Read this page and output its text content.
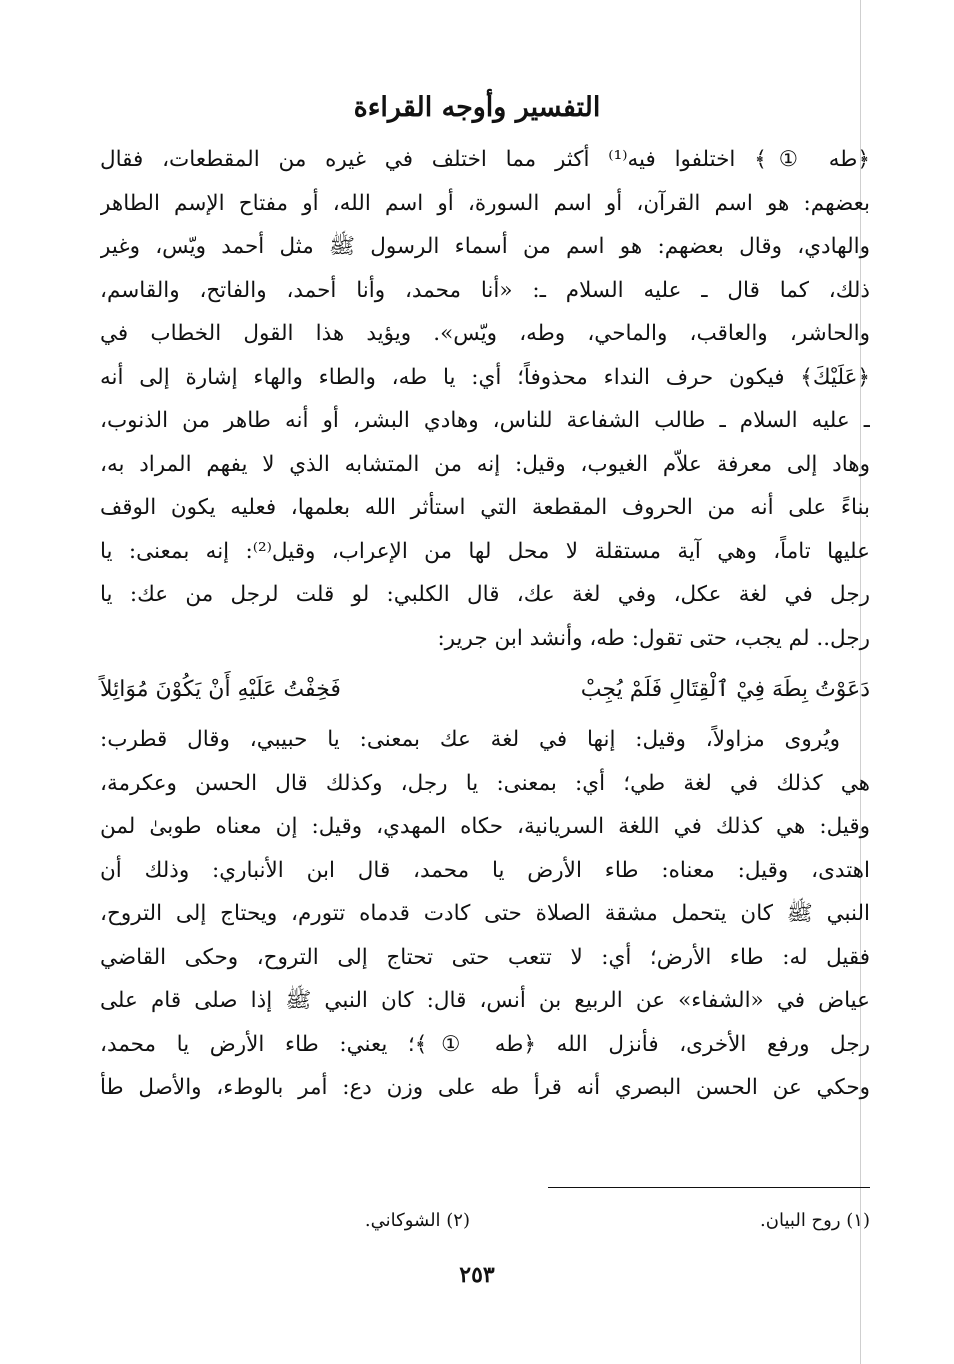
التفسير وأوجه القراءة
﴿طه ①﴾ اختلفوا فيه⁽¹⁾ أكثر مما اختلف في غيره من المقطعات، فقال
بعضهم: هو اسم القرآن، أو اسم السورة، أو اسم الله، أو مفتاح الإسم الطاهر
والهادي، وقال بعضهم: هو اسم من أسماء الرسول ﷺ مثل أحمد ويّس، وغير
ذلك، كما قال ـ عليه السلام ـ: «أنا محمد، وأنا أحمد، والفاتح، والقاسم،
والحاشر، والعاقب، والماحي، وطه، ويّس». ويؤيد هذا القول الخطاب في
﴿عَلَيْكَ﴾ فيكون حرف النداء محذوفاً؛ أي: يا طه، والطاء والهاء إشارة إلى أنه
ـ عليه السلام ـ طالب الشفاعة للناس، وهادي البشر، أو أنه طاهر من الذنوب،
وهاد إلى معرفة علاّم الغيوب، وقيل: إنه من المتشابه الذي لا يفهم المراد به،
بناءً على أنه من الحروف المقطعة التي استأثر الله بعلمها، فعليه يكون الوقف
عليها تاماً، وهي آية مستقلة لا محل لها من الإعراب، وقيل⁽²⁾: إنه بمعنى: يا
رجل في لغة عكل، وفي لغة عك، قال الكلبي: لو قلت لرجل من عك: يا
رجل.. لم يجب، حتى تقول: طه، وأنشد ابن جرير:
دَعَوْتُ بِطَهَ فِيْ ٱلْقِتَالِ فَلَمْ يُجِبْ
فَخِفْتُ عَلَيْهِ أَنْ يَكُوْنَ مُوَائِلاً
ويُروى مزاولاً، وقيل: إنها في لغة عك بمعنى: يا حبيبي، وقال قطرب:
هي كذلك في لغة طي؛ أي: بمعنى: يا رجل، وكذلك قال الحسن وعكرمة،
وقيل: هي كذلك في اللغة السريانية، حكاه المهدي، وقيل: إن معناه طوبىٰ لمن
اهتدى، وقيل: معناه: طاء الأرض يا محمد، قال ابن الأنباري: وذلك أن
النبي ﷺ كان يتحمل مشقة الصلاة حتى كادت قدماه تتورم، ويحتاج إلى التروح،
فقيل له: طاء الأرض؛ أي: لا تتعب حتى تحتاج إلى التروح، وحكى القاضي
عياض في «الشفاء» عن الربيع بن أنس، قال: كان النبي ﷺ إذا صلى قام على
رجل ورفع الأخرى، فأنزل الله ﴿طه ①﴾؛ يعني: طاء الأرض يا محمد،
وحكي عن الحسن البصري أنه قرأ طه على وزن دع: أمر بالوطء، والأصل طأ
(١) روح البيان.
(٢) الشوكاني.
٢٥٣
